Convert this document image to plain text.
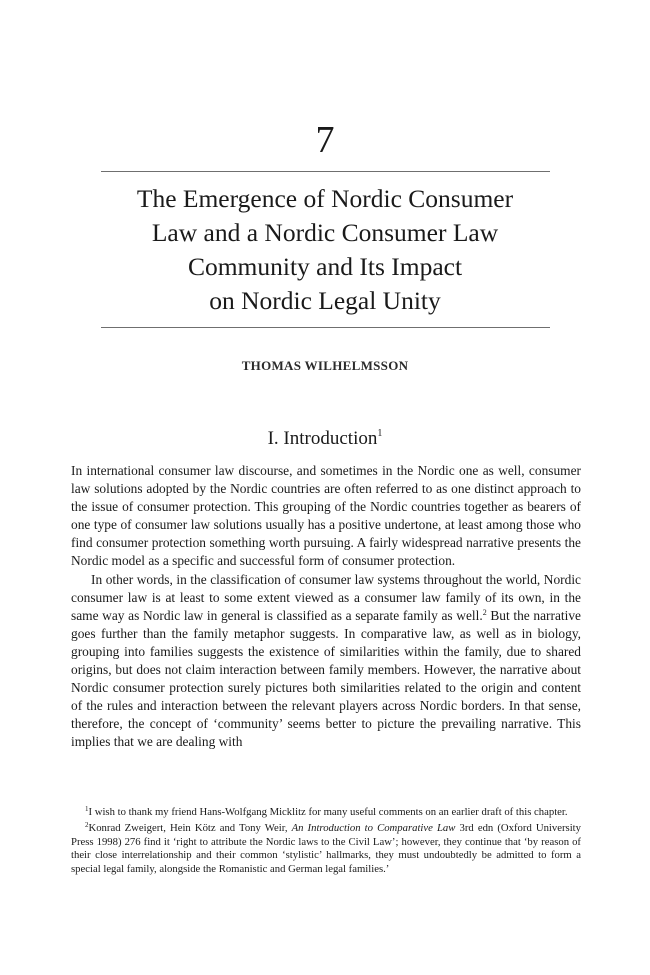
7
The Emergence of Nordic Consumer
Law and a Nordic Consumer Law
Community and Its Impact
on Nordic Legal Unity
THOMAS WILHELMSSON
I. Introduction$^1$

In international consumer law discourse, and sometimes in the Nordic one as well, consumer law solutions adopted by the Nordic countries are often referred to as one distinct approach to the issue of consumer protection. This grouping of the Nordic countries together as bearers of one type of consumer law solutions usually has a positive undertone, at least among those who find consumer protection something worth pursuing. A fairly widespread narrative presents the Nordic model as a specific and successful form of consumer protection.

In other words, in the classification of consumer law systems throughout the world, Nordic consumer law is at least to some extent viewed as a consumer law family of its own, in the same way as Nordic law in general is classified as a separate family as well.$^2$ But the narrative goes further than the family metaphor suggests. In comparative law, as well as in biology, grouping into families suggests the existence of similarities within the family, due to shared origins, but does not claim interaction between family members. However, the narrative about Nordic consumer protection surely pictures both similarities related to the origin and content of the rules and interaction between the relevant players across Nordic borders. In that sense, therefore, the concept of ‘community’ seems better to picture the prevailing narrative. This implies that we are dealing with

$^1$I wish to thank my friend Hans-Wolfgang Micklitz for many useful comments on an earlier draft of this chapter.

$^2$Konrad Zweigert, Hein Kötz and Tony Weir, An Introduction to Comparative Law 3rd edn (Oxford University Press 1998) 276 find it ‘right to attribute the Nordic laws to the Civil Law’; however, they continue that ‘by reason of their close interrelationship and their common ‘stylistic’ hallmarks, they must undoubtedly be admitted to form a special legal family, alongside the Romanistic and German legal families.’
